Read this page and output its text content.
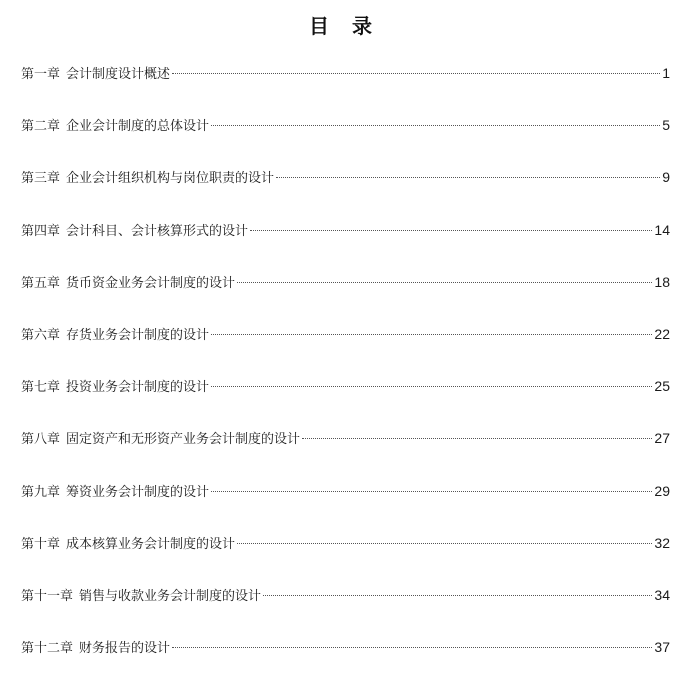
目 录
第一章 会计制度设计概述	1
第二章 企业会计制度的总体设计	5
第三章 企业会计组织机构与岗位职责的设计	9
第四章 会计科目、会计核算形式的设计	14
第五章 货币资金业务会计制度的设计	18
第六章 存货业务会计制度的设计	22
第七章 投资业务会计制度的设计	25
第八章 固定资产和无形资产业务会计制度的设计	27
第九章 筹资业务会计制度的设计	29
第十章 成本核算业务会计制度的设计	32
第十一章 销售与收款业务会计制度的设计	34
第十二章 财务报告的设计	37
